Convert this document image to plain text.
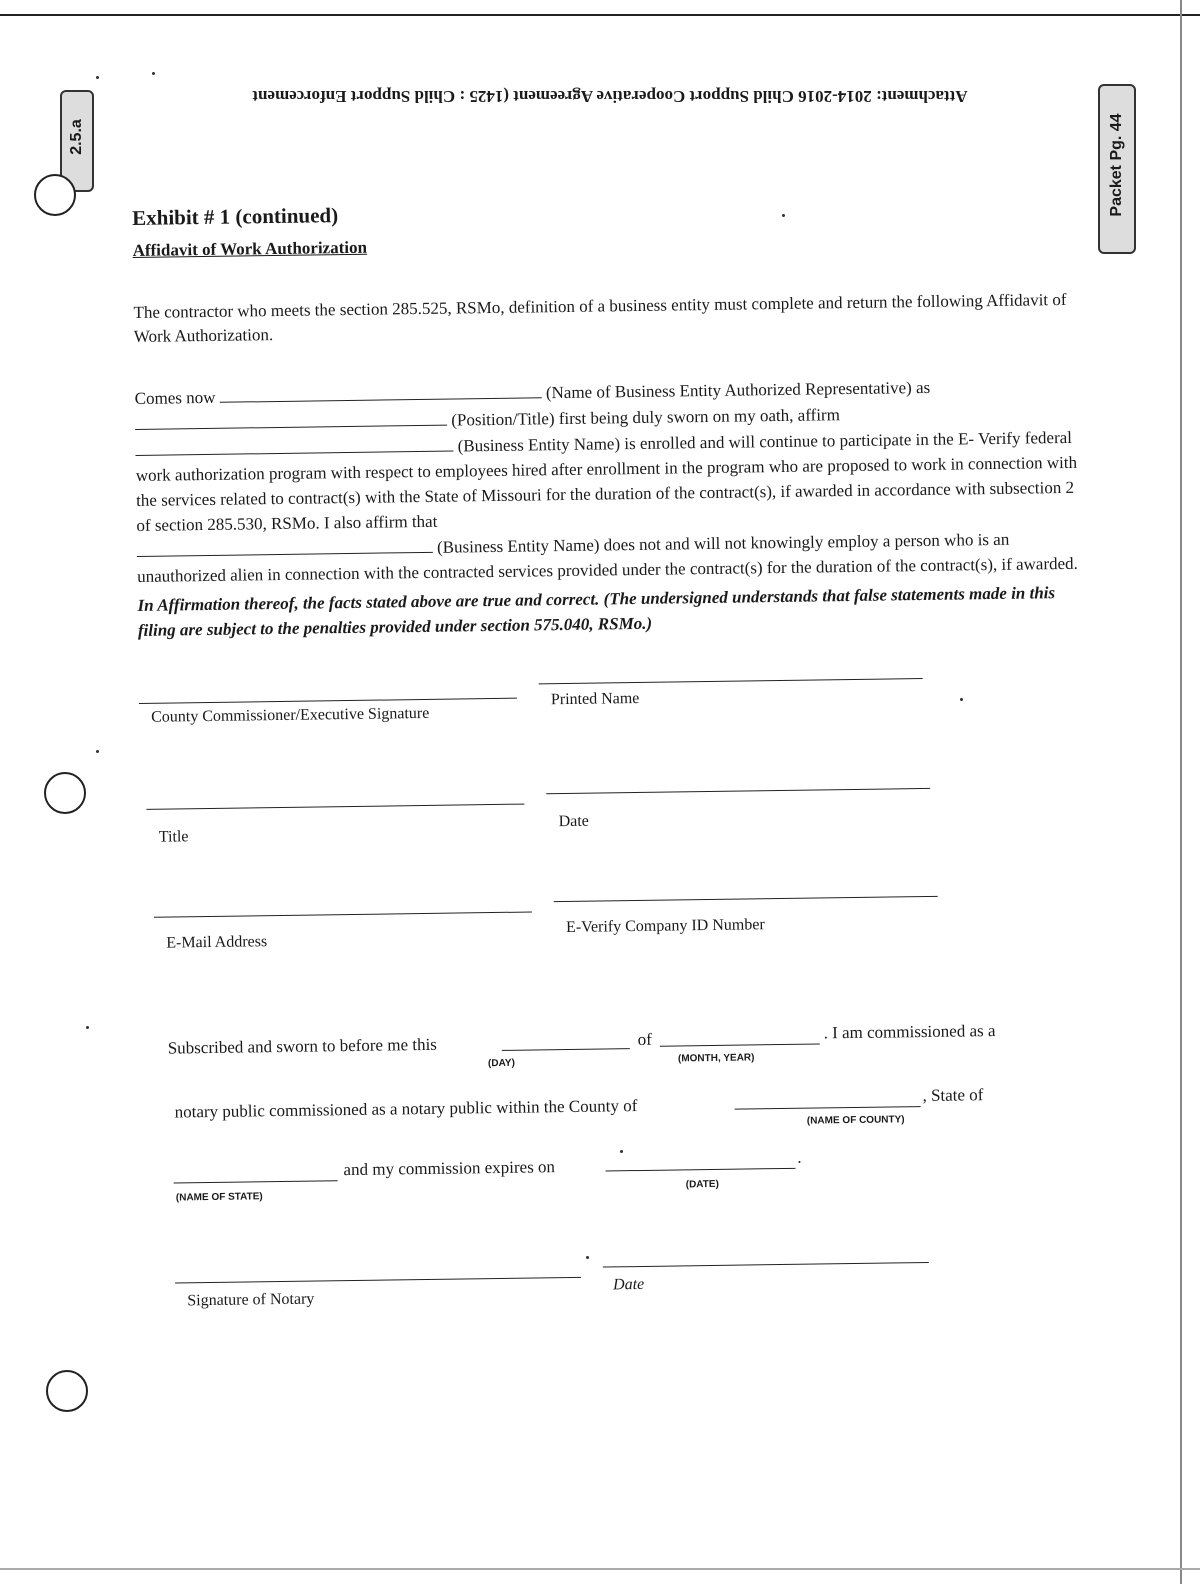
Attachment: 2014-2016 Child Support Cooperative Agreement (1425 : Child Support Enforcement
2.5.a	Packet Pg. 44
Exhibit # 1 (continued)
Affidavit of Work Authorization

The contractor who meets the section 285.525, RSMo, definition of a business entity must complete and return the following Affidavit of Work Authorization.

Comes now	(Name of Business Entity Authorized Representative) as
(Position/Title) first being duly sworn on my oath, affirm
(Business Entity Name) is enrolled and will continue to participate in the E- Verify federal work authorization program with respect to employees hired after enrollment in the program who are proposed to work in connection with the services related to contract(s) with the State of Missouri for the duration of the contract(s), if awarded in accordance with subsection 2 of section 285.530, RSMo. I also affirm that
(Business Entity Name) does not and will not knowingly employ a person who is an unauthorized alien in connection with the contracted services provided under the contract(s) for the duration of the contract(s), if awarded.

In Affirmation thereof, the facts stated above are true and correct. (The undersigned understands that false statements made in this filing are subject to the penalties provided under section 575.040, RSMo.)

County Commissioner/Executive Signature
Printed Name
Title
Date
E-Mail Address
E-Verify Company ID Number
Subscribed and sworn to before me this
(DAY)
of
(MONTH, YEAR)
. I am commissioned as a
notary public commissioned as a notary public within the County of	(NAME OF COUNTY)
, State of
(NAME OF STATE)
and my commission expires on	.
(DATE)
Signature of Notary
Date
